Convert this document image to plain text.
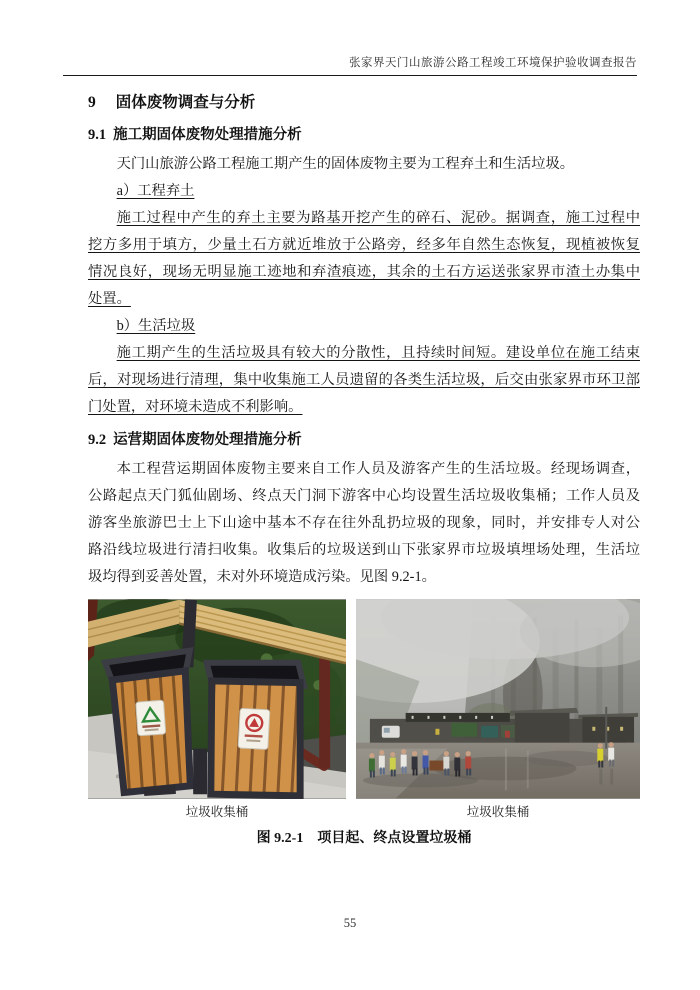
张家界天门山旅游公路工程竣工环境保护验收调查报告
9 固体废物调查与分析
9.1 施工期固体废物处理措施分析
天门山旅游公路工程施工期产生的固体废物主要为工程弃土和生活垃圾。
a）工程弃土
施工过程中产生的弃土主要为路基开挖产生的碎石、泥砂。据调查，施工过程中
挖方多用于填方，少量土石方就近堆放于公路旁，经多年自然生态恢复，现植被恢复
情况良好，现场无明显施工迹地和弃渣痕迹，其余的土石方运送张家界市渣土办集中
处置。
b）生活垃圾
施工期产生的生活垃圾具有较大的分散性，且持续时间短。建设单位在施工结束
后，对现场进行清理，集中收集施工人员遗留的各类生活垃圾，后交由张家界市环卫部
门处置，对环境未造成不利影响。
9.2 运营期固体废物处理措施分析
本工程营运期固体废物主要来自工作人员及游客产生的生活垃圾。经现场调查，
公路起点天门狐仙剧场、终点天门洞下游客中心均设置生活垃圾收集桶；工作人员及
游客坐旅游巴士上下山途中基本不存在往外乱扔垃圾的现象，同时，并安排专人对公
路沿线垃圾进行清扫收集。收集后的垃圾送到山下张家界市垃圾填埋场处理，生活垃
圾均得到妥善处置，未对外环境造成污染。见图 9.2-1。
垃圾收集桶	垃圾收集桶
图 9.2-1　项目起、终点设置垃圾桶
55
